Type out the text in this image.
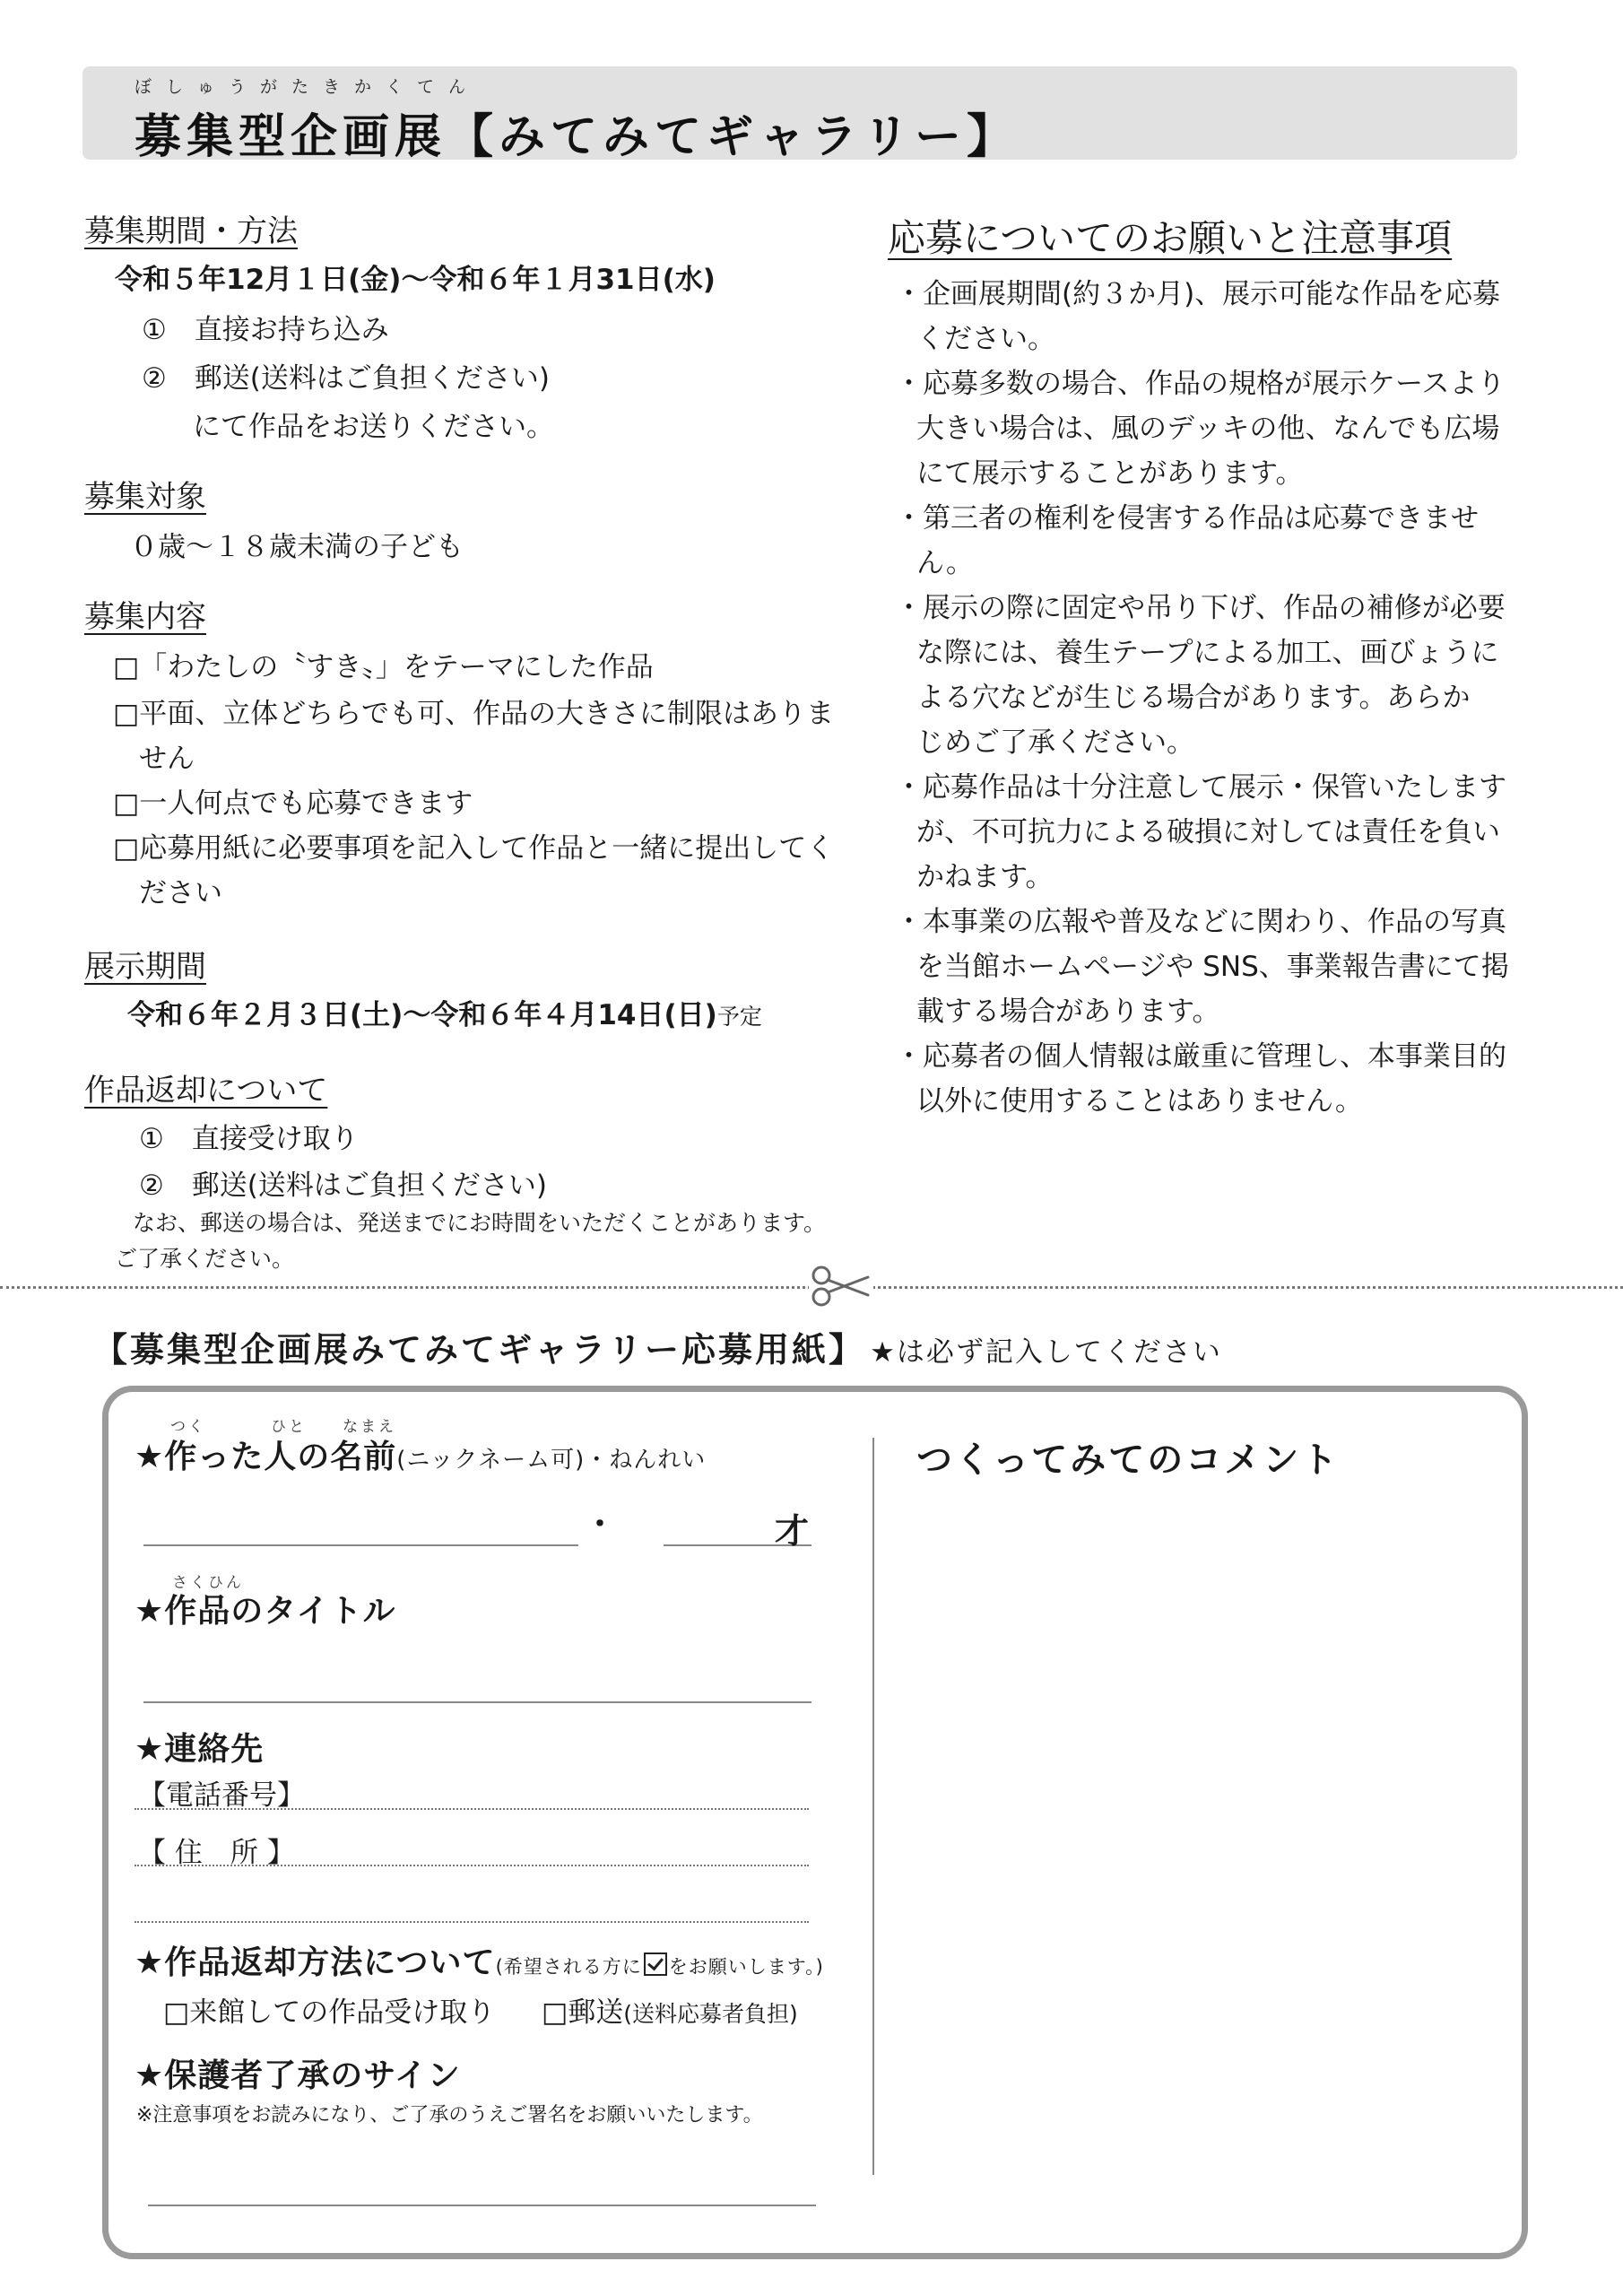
ぼしゅうがたきかくてん
募集型企画展【みてみてギャラリー】
募集期間・方法
令和５年12月１日(金)～令和６年１月31日(水)
①　直接お持ち込み
②　郵送(送料はご負担ください)
にて作品をお送りください。
募集対象
０歳～１８歳未満の子ども
募集内容
□「わたしの〝すき〟」をテーマにした作品
□平面、立体どちらでも可、作品の大きさに制限はありま
せん
□一人何点でも応募できます
□応募用紙に必要事項を記入して作品と一緒に提出してく
ださい
展示期間
令和６年２月３日(土)～令和６年４月14日(日)予定
作品返却について
①　直接受け取り
②　郵送(送料はご負担ください)
なお、郵送の場合は、発送までにお時間をいただくことがあります。
ご了承ください。
応募についてのお願いと注意事項
・企画展期間(約３か月)、展示可能な作品を応募
ください。
・応募多数の場合、作品の規格が展示ケースより
大きい場合は、風のデッキの他、なんでも広場
にて展示することがあります。
・第三者の権利を侵害する作品は応募できませ
ん。
・展示の際に固定や吊り下げ、作品の補修が必要
な際には、養生テープによる加工、画びょうに
よる穴などが生じる場合があります。あらか
じめご了承ください。
・応募作品は十分注意して展示・保管いたします
が、不可抗力による破損に対しては責任を負い
かねます。
・本事業の広報や普及などに関わり、作品の写真
を当館ホームページや SNS、事業報告書にて掲
載する場合があります。
・応募者の個人情報は厳重に管理し、本事業目的
以外に使用することはありません。
【募集型企画展みてみてギャラリー応募用紙】 ★は必ず記入してください
つく	ひと なまえ
★作った人の名前(ニックネーム可)・ねんれい
・	才
さくひん
★作品のタイトル
★連絡先
【電話番号】
【 住　所 】
★作品返却方法について(希望される方に をお願いします。)
□来館しての作品受け取り □郵送(送料応募者負担)
★保護者了承のサイン
※注意事項をお読みになり、ご了承のうえご署名をお願いいたします。
つくってみてのコメント
